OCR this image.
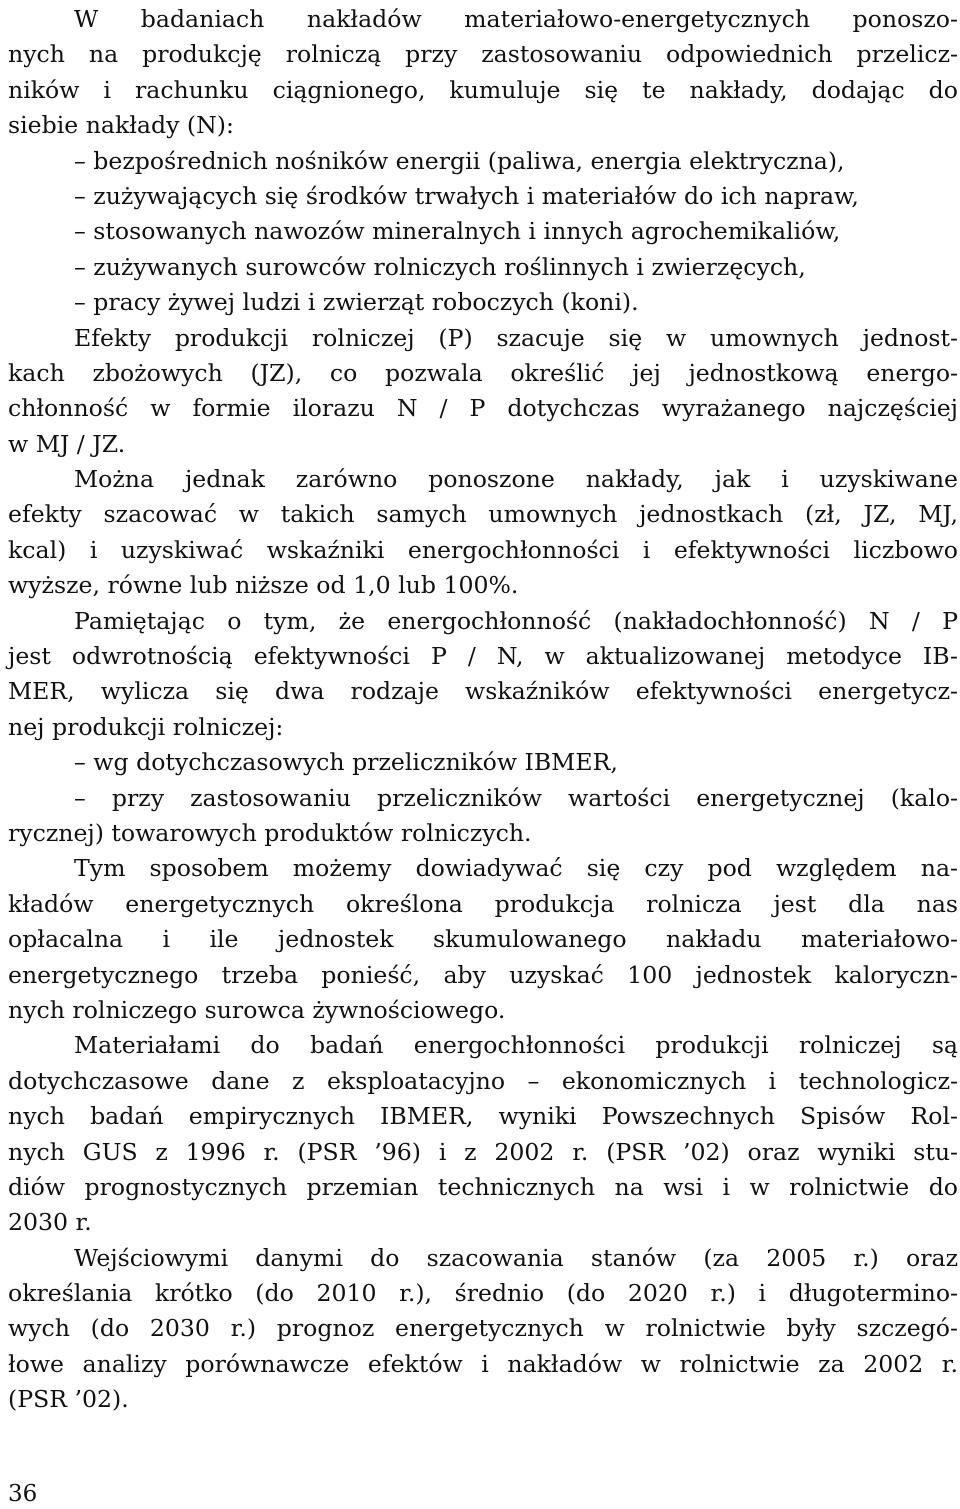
W badaniach nakładów materiałowo-energetycznych ponoszo-
nych na produkcję rolniczą przy zastosowaniu odpowiednich przelicz-
ników i rachunku ciągnionego, kumuluje się te nakłady, dodając do
siebie nakłady (N):
– bezpośrednich nośników energii (paliwa, energia elektryczna),
– zużywających się środków trwałych i materiałów do ich napraw,
– stosowanych nawozów mineralnych i innych agrochemikaliów,
– zużywanych surowców rolniczych roślinnych i zwierzęcych,
– pracy żywej ludzi i zwierząt roboczych (koni).
Efekty produkcji rolniczej (P) szacuje się w umownych jednost-
kach zbożowych (JZ), co pozwala określić jej jednostkową energo-
chłonność w formie ilorazu N / P dotychczas wyrażanego najczęściej
w MJ / JZ.
Można jednak zarówno ponoszone nakłady, jak i uzyskiwane
efekty szacować w takich samych umownych jednostkach (zł, JZ, MJ,
kcal) i uzyskiwać wskaźniki energochłonności i efektywności liczbowo
wyższe, równe lub niższe od 1,0 lub 100%.
Pamiętając o tym, że energochłonność (nakładochłonność) N / P
jest odwrotnością efektywności P / N, w aktualizowanej metodyce IB-
MER, wylicza się dwa rodzaje wskaźników efektywności energetycz-
nej produkcji rolniczej:
– wg dotychczasowych przeliczników IBMER,
– przy zastosowaniu przeliczników wartości energetycznej (kalo-
rycznej) towarowych produktów rolniczych.
Tym sposobem możemy dowiadywać się czy pod względem na-
kładów energetycznych określona produkcja rolnicza jest dla nas
opłacalna i ile jednostek skumulowanego nakładu materiałowo-
energetycznego trzeba ponieść, aby uzyskać 100 jednostek kaloryczn-
nych rolniczego surowca żywnościowego.
Materiałami do badań energochłonności produkcji rolniczej są
dotychczasowe dane z eksploatacyjno – ekonomicznych i technologicz-
nych badań empirycznych IBMER, wyniki Powszechnych Spisów Rol-
nych GUS z 1996 r. (PSR ’96) i z 2002 r. (PSR ’02) oraz wyniki stu-
diów prognostycznych przemian technicznych na wsi i w rolnictwie do
2030 r.
Wejściowymi danymi do szacowania stanów (za 2005 r.) oraz
określania krótko (do 2010 r.), średnio (do 2020 r.) i długotermino-
wych (do 2030 r.) prognoz energetycznych w rolnictwie były szczegó-
łowe analizy porównawcze efektów i nakładów w rolnictwie za 2002 r.
(PSR ’02).
36
